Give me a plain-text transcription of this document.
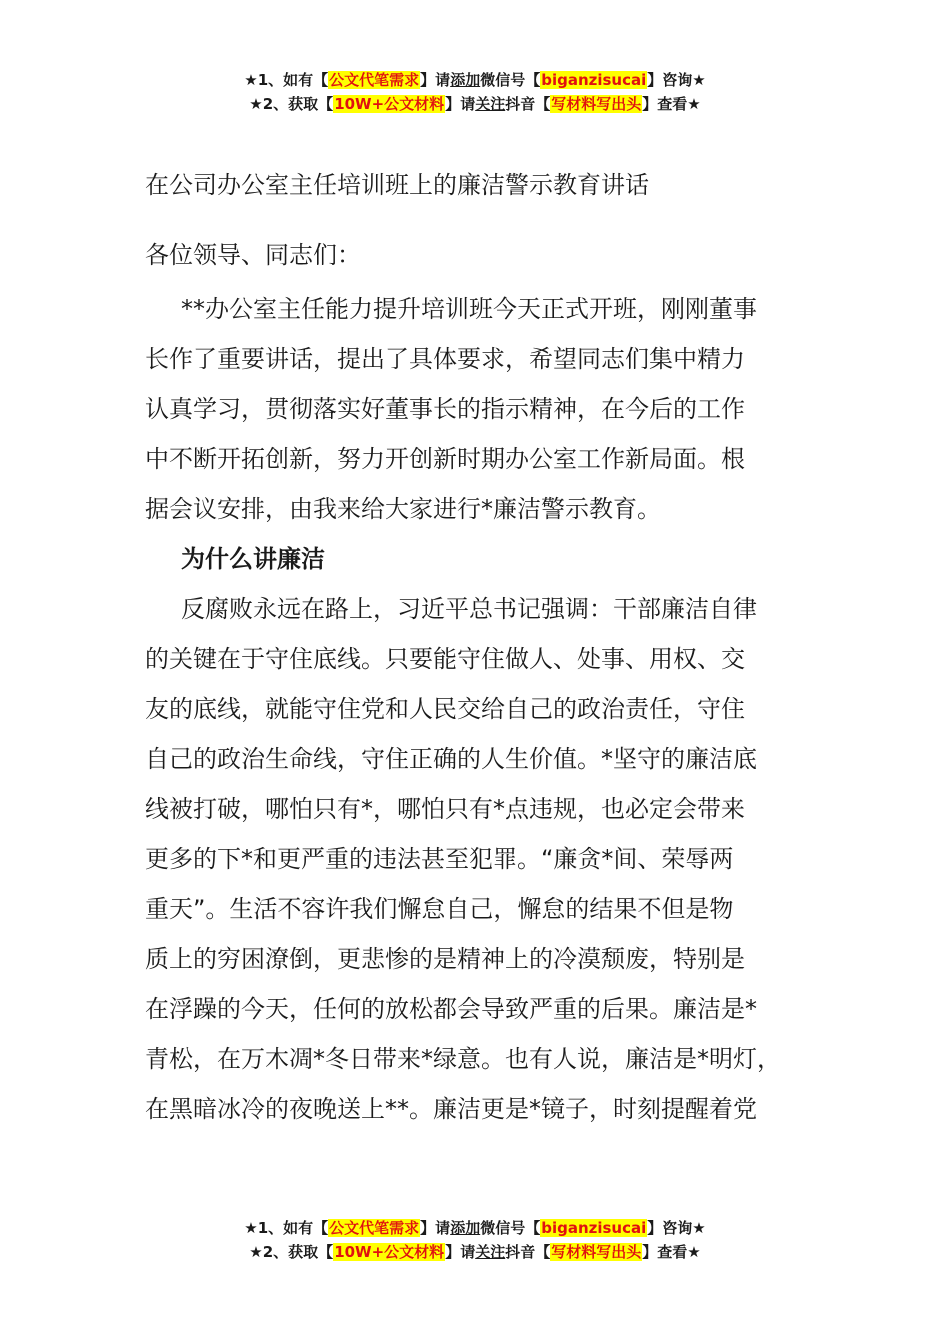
★1、如有【公文代笔需求】请添加微信号【biganzisucai】咨询★
★2、获取【10W+公文材料】请关注抖音【写材料写出头】查看★

在公司办公室主任培训班上的廉洁警示教育讲话

各位领导、同志们：

**办公室主任能力提升培训班今天正式开班，刚刚董事
长作了重要讲话，提出了具体要求，希望同志们集中精力
认真学习，贯彻落实好董事长的指示精神，在今后的工作
中不断开拓创新，努力开创新时期办公室工作新局面。根
据会议安排，由我来给大家进行*廉洁警示教育。

为什么讲廉洁

反腐败永远在路上，习近平总书记强调：干部廉洁自律
的关键在于守住底线。只要能守住做人、处事、用权、交
友的底线，就能守住党和人民交给自己的政治责任，守住
自己的政治生命线，守住正确的人生价值。*坚守的廉洁底
线被打破，哪怕只有*，哪怕只有*点违规，也必定会带来
更多的下*和更严重的违法甚至犯罪。“廉贪*间、荣辱两
重天”。生活不容许我们懈怠自己，懈怠的结果不但是物
质上的穷困潦倒，更悲惨的是精神上的冷漠颓废，特别是
在浮躁的今天，任何的放松都会导致严重的后果。廉洁是*
青松，在万木凋*冬日带来*绿意。也有人说，廉洁是*明灯，
在黑暗冰冷的夜晚送上**。廉洁更是*镜子，时刻提醒着党
★1、如有【公文代笔需求】请添加微信号【biganzisucai】咨询★
★2、获取【10W+公文材料】请关注抖音【写材料写出头】查看★
